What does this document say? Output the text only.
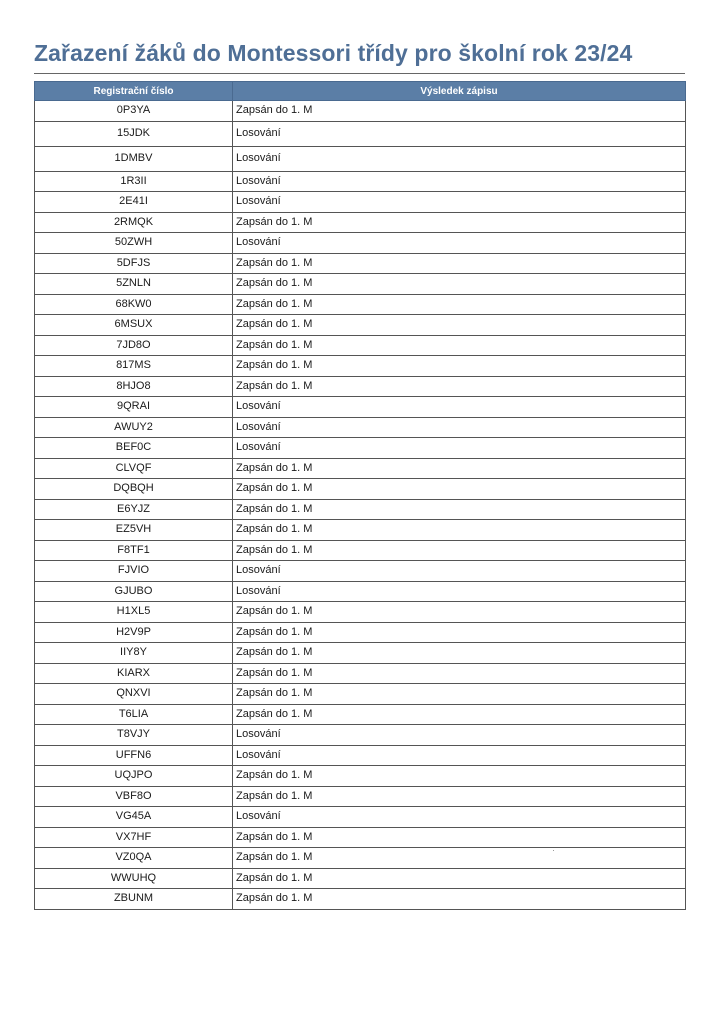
Zařazení žáků do Montessori třídy pro školní rok 23/24
Registrační číslo	Výsledek zápisu
0P3YA	Zapsán do 1. M
15JDK	Losování
1DMBV	Losování
1R3II	Losování
2E41I	Losování
2RMQK	Zapsán do 1. M
50ZWH	Losování
5DFJS	Zapsán do 1. M
5ZNLN	Zapsán do 1. M
68KW0	Zapsán do 1. M
6MSUX	Zapsán do 1. M
7JD8O	Zapsán do 1. M
817MS	Zapsán do 1. M
8HJO8	Zapsán do 1. M
9QRAI	Losování
AWUY2	Losování
BEF0C	Losování
CLVQF	Zapsán do 1. M
DQBQH	Zapsán do 1. M
E6YJZ	Zapsán do 1. M
EZ5VH	Zapsán do 1. M
F8TF1	Zapsán do 1. M
FJVIO	Losování
GJUBO	Losování
H1XL5	Zapsán do 1. M
H2V9P	Zapsán do 1. M
IIY8Y	Zapsán do 1. M
KIARX	Zapsán do 1. M
QNXVI	Zapsán do 1. M
T6LIA	Zapsán do 1. M
T8VJY	Losování
UFFN6	Losování
UQJPO	Zapsán do 1. M
VBF8O	Zapsán do 1. M
VG45A	Losování
VX7HF	Zapsán do 1. M
VZ0QA	Zapsán do 1. M
WWUHQ	Zapsán do 1. M
ZBUNM	Zapsán do 1. M
